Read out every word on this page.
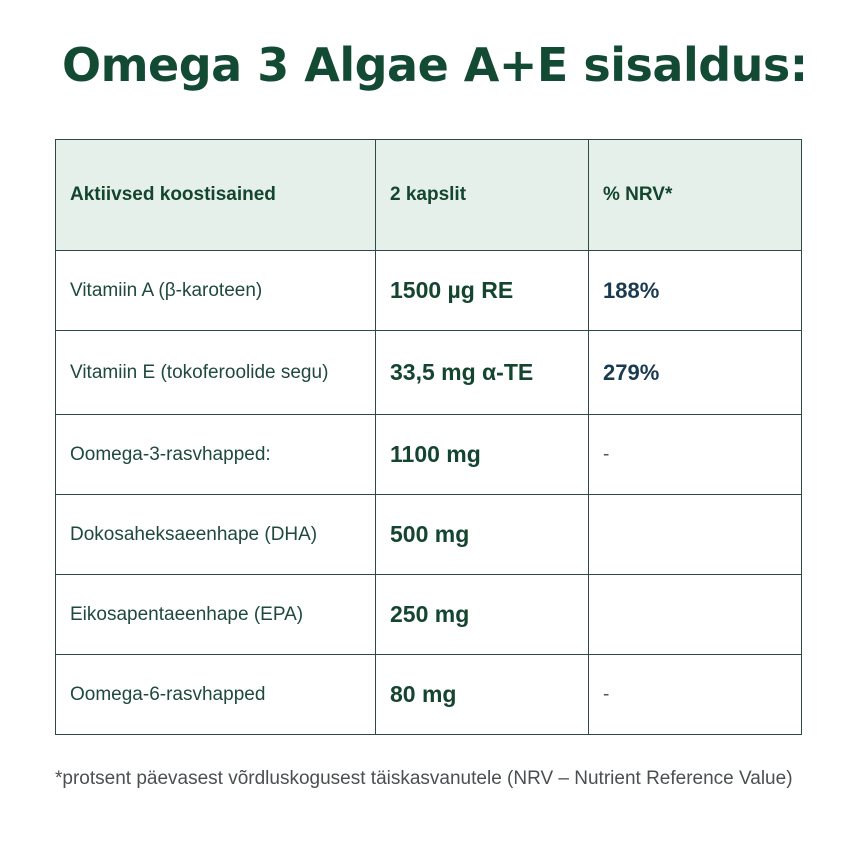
Omega 3 Algae A+E sisaldus:
Aktiivsed koostisained	2 kapslit	% NRV*
Vitamiin A (β-karoteen)	1500 µg RE	188%
Vitamiin E (tokoferoolide segu)	33,5 mg α-TE	279%
Oomega-3-rasvhapped:	1100 mg	-
Dokosaheksaeenhape (DHA)	500 mg	
Eikosapentaeenhape (EPA)	250 mg	
Oomega-6-rasvhapped	80 mg	-

*protsent päevasest võrdluskogusest täiskasvanutele (NRV – Nutrient Reference Value)
